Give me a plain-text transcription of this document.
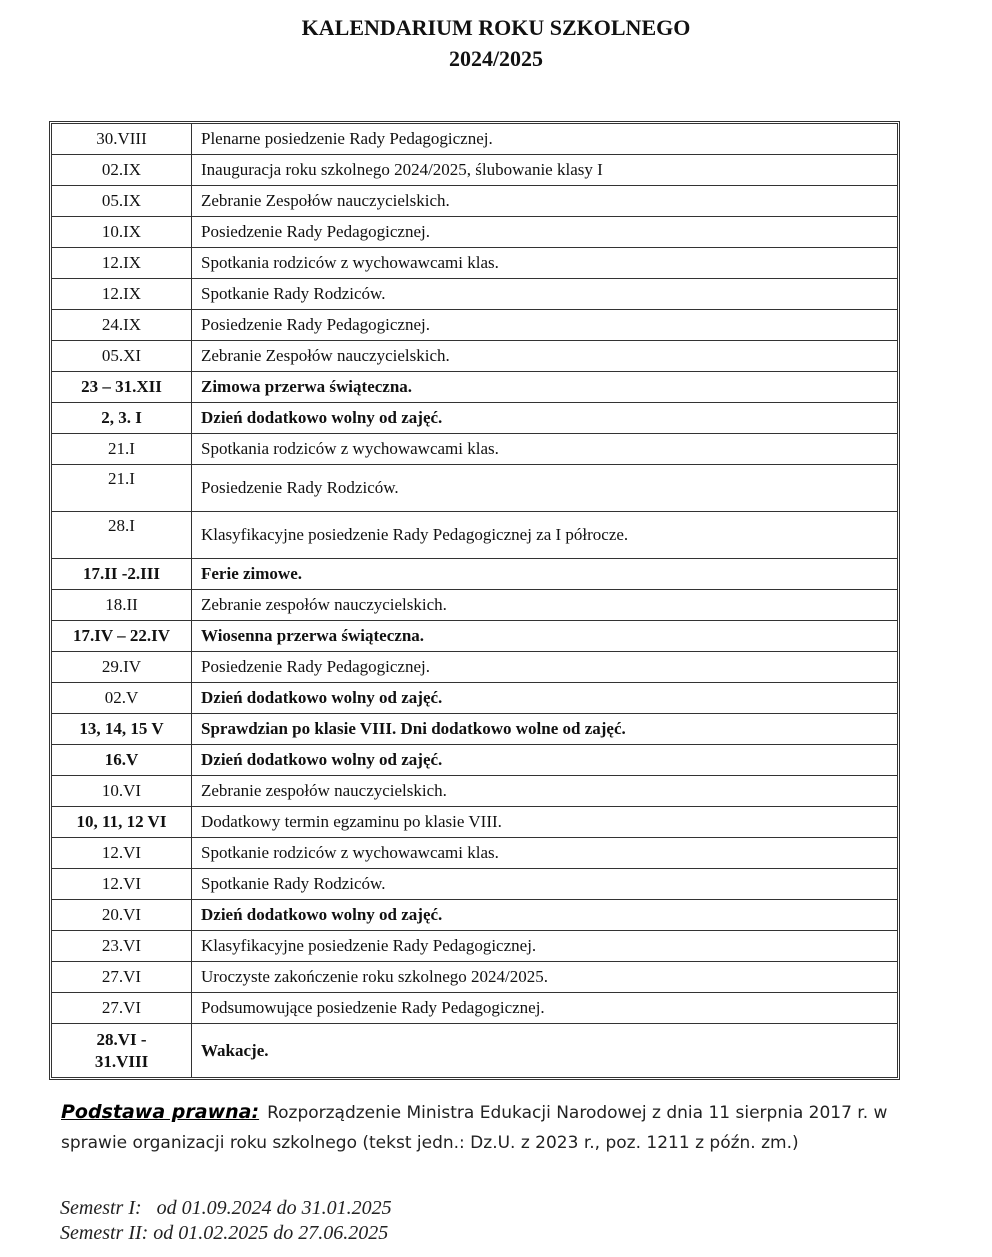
KALENDARIUM ROKU SZKOLNEGO
2024/2025
30.VIII	Plenarne posiedzenie Rady Pedagogicznej.
02.IX	Inauguracja roku szkolnego 2024/2025, ślubowanie klasy I
05.IX	Zebranie Zespołów nauczycielskich.
10.IX	Posiedzenie Rady Pedagogicznej.
12.IX	Spotkania rodziców z wychowawcami klas.
12.IX	Spotkanie Rady Rodziców.
24.IX	Posiedzenie Rady Pedagogicznej.
05.XI	Zebranie Zespołów nauczycielskich.
23 – 31.XII	Zimowa przerwa świąteczna.
2, 3. I	Dzień dodatkowo wolny od zajęć.
21.I	Spotkania rodziców z wychowawcami klas.
21.I	Posiedzenie Rady Rodziców.
28.I	Klasyfikacyjne posiedzenie Rady Pedagogicznej za I półrocze.
17.II -2.III	Ferie zimowe.
18.II	Zebranie zespołów nauczycielskich.
17.IV – 22.IV	Wiosenna przerwa świąteczna.
29.IV	Posiedzenie Rady Pedagogicznej.
02.V	Dzień dodatkowo wolny od zajęć.
13, 14, 15 V	Sprawdzian po klasie VIII. Dni dodatkowo wolne od zajęć.
16.V	Dzień dodatkowo wolny od zajęć.
10.VI	Zebranie zespołów nauczycielskich.
10, 11, 12 VI	Dodatkowy termin egzaminu po klasie VIII.
12.VI	Spotkanie rodziców z wychowawcami klas.
12.VI	Spotkanie Rady Rodziców.
20.VI	Dzień dodatkowo wolny od zajęć.
23.VI	Klasyfikacyjne posiedzenie Rady Pedagogicznej.
27.VI	Uroczyste zakończenie roku szkolnego 2024/2025.
27.VI	Podsumowujące posiedzenie Rady Pedagogicznej.

28.VI -
31.VIII	Wakacje.
Podstawa prawna: Rozporządzenie Ministra Edukacji Narodowej z dnia 11 sierpnia 2017 r. w sprawie organizacji roku szkolnego (tekst jedn.: Dz.U. z 2023 r., poz. 1211 z późn. zm.)
Semestr I:   od 01.09.2024 do 31.01.2025
Semestr II: od 01.02.2025 do 27.06.2025
